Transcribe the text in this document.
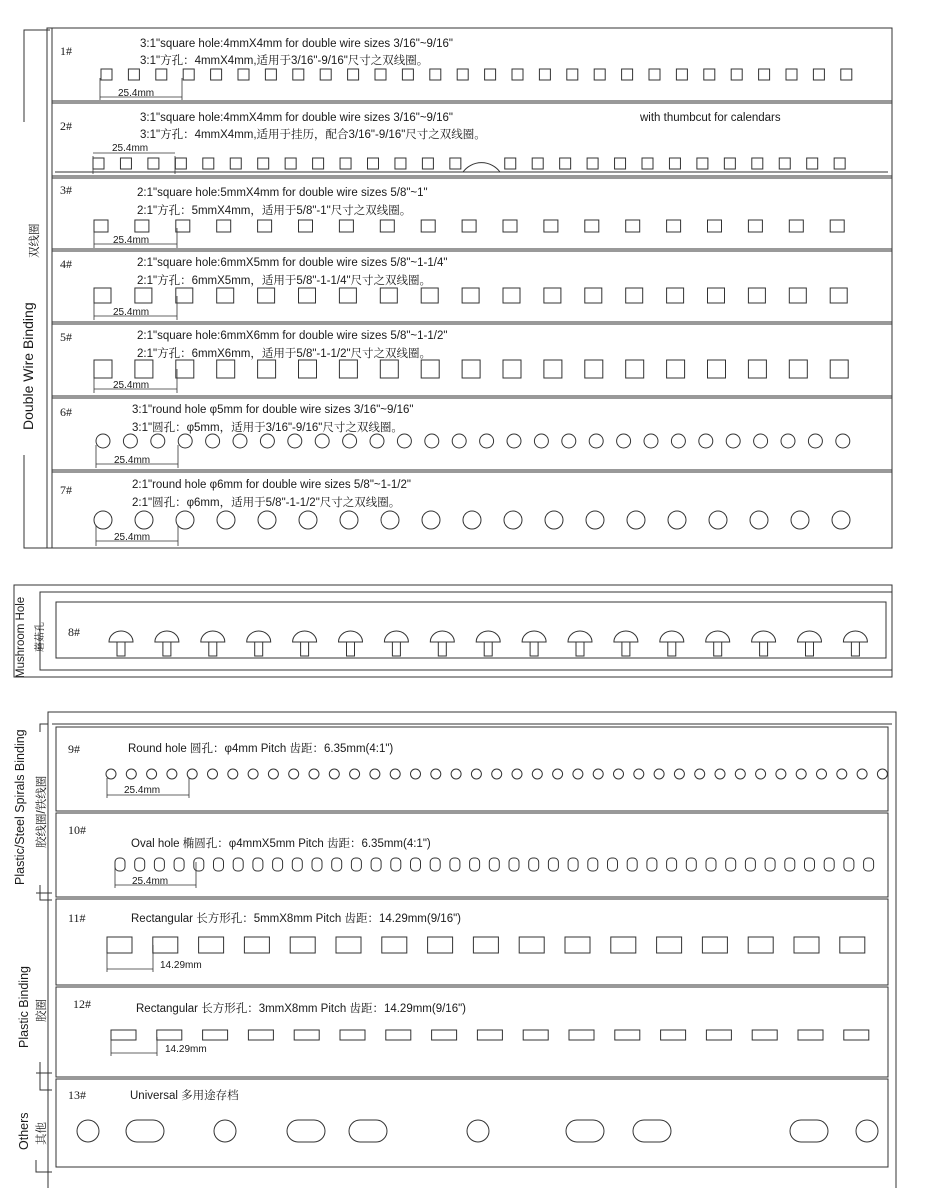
Double Wire Binding
双线圈
Mushroom Hole 蘑菇孔
Plastic/Steel Spirals Binding 胶线圈/铁线圈
Plastic Binding 胶圈
Others 其他
1#	3:1"square hole:4mmX4mm for double wire sizes 3/16"~9/16"
3:1"方孔：4mmX4mm,适用于3/16"-9/16"尺寸之双线圈。
25.4mm
2#
3:1"square hole:4mmX4mm for double wire sizes 3/16"~9/16"
3:1"方孔：4mmX4mm,适用于挂历，配合3/16"-9/16"尺寸之双线圈。
with thumbcut for calendars
25.4mm
3#	2:1"square hole:5mmX4mm for double wire sizes 5/8"~1"
2:1"方孔：5mmX4mm，适用于5/8"-1"尺寸之双线圈。
25.4mm
4#	2:1"square hole:6mmX5mm for double wire sizes 5/8"~1-1/4"
2:1"方孔：6mmX5mm，适用于5/8"-1-1/4"尺寸之双线圈。
25.4mm
5#	2:1"square hole:6mmX6mm for double wire sizes 5/8"~1-1/2"
2:1"方孔：6mmX6mm，适用于5/8"-1-1/2"尺寸之双线圈。
25.4mm
6#	3:1"round hole φ5mm for double wire sizes 3/16"~9/16"
3:1"圆孔：φ5mm，适用于3/16"-9/16"尺寸之双线圈。
25.4mm
7#	2:1"round hole φ6mm for double wire sizes 5/8"~1-1/2"
2:1"圆孔：φ6mm，适用于5/8"-1-1/2"尺寸之双线圈。
25.4mm
8#
9#	Round hole 圆孔：φ4mm Pitch 齿距：6.35mm(4:1")
25.4mm
10#
Oval hole 椭圆孔：φ4mmX5mm Pitch 齿距：6.35mm(4:1")
25.4mm
11#	Rectangular 长方形孔：5mmX8mm Pitch 齿距：14.29mm(9/16")
14.29mm
12#	Rectangular 长方形孔：3mmX8mm Pitch 齿距：14.29mm(9/16")
14.29mm
13#	Universal 多用途存档
